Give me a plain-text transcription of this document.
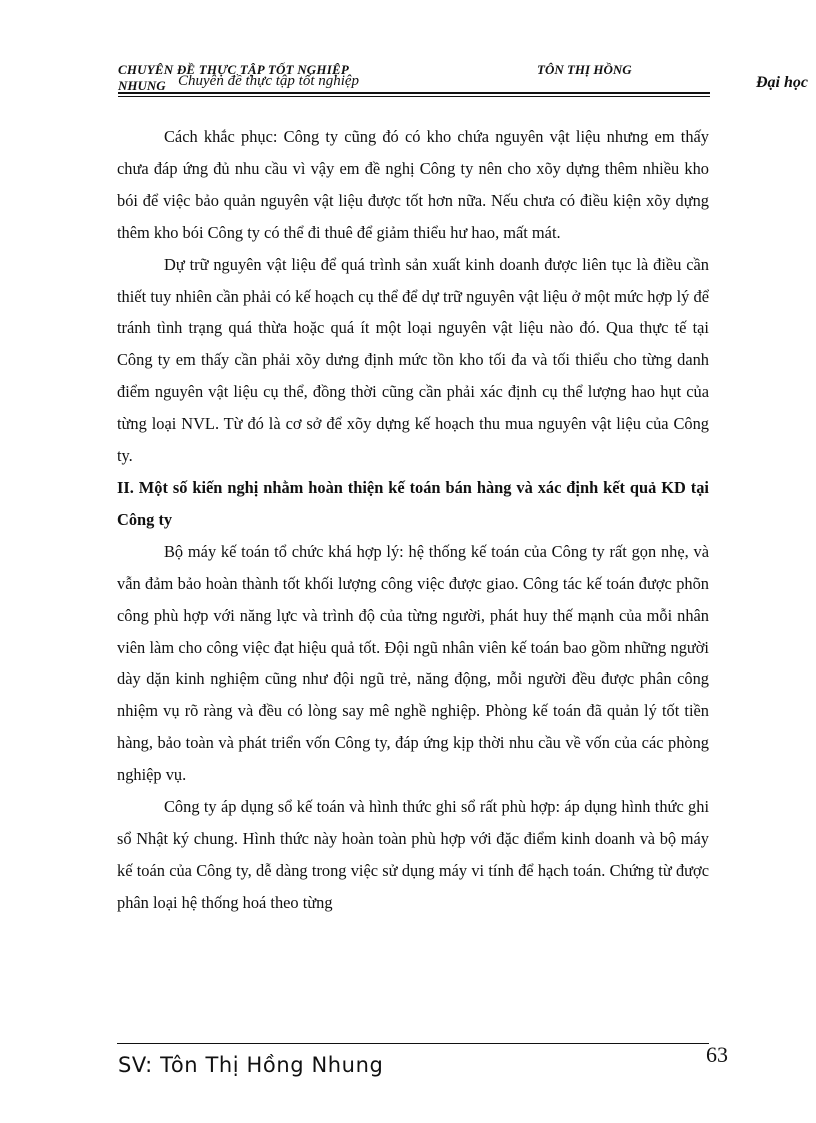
CHUYÊN ĐỀ THỰC TẬP TỐT NGHIỆP
NHUNG Chuyên đề thực tập tốt nghiệp
TÔN THỊ HỒNG
Đại học

Cách khắc phục: Công ty cũng đó có kho chứa nguyên vật liệu nhưng em thấy chưa đáp ứng đủ nhu cầu vì vậy em đề nghị Công ty nên cho xõy dựng thêm nhiều kho bói để việc bảo quản nguyên vật liệu được tốt hơn nữa. Nếu chưa có điều kiện xõy dựng thêm kho bói Công ty có thể đi thuê để giảm thiểu hư hao, mất mát.

Dự trữ nguyên vật liệu để quá trình sản xuất kinh doanh được liên tục là điều cần thiết tuy nhiên cần phải có kế hoạch cụ thể để dự trữ nguyên vật liệu ở một mức hợp lý để tránh tình trạng quá thừa hoặc quá ít một loại nguyên vật liệu nào đó. Qua thực tế tại Công ty em thấy cần phải xõy dưng định mức tồn kho tối đa và tối thiểu cho từng danh điểm nguyên vật liệu cụ thể, đồng thời cũng cần phải xác định cụ thể lượng hao hụt của từng loại NVL. Từ đó là cơ sở để xõy dựng kế hoạch thu mua nguyên vật liệu của Công ty.

II. Một số kiến nghị nhằm hoàn thiện kế toán bán hàng và xác định kết quả KD tại Công ty

Bộ máy kế toán tổ chức khá hợp lý: hệ thống kế toán của Công ty rất gọn nhẹ, và vẫn đảm bảo hoàn thành tốt khối lượng công việc được giao. Công tác kế toán được phõn công phù hợp với năng lực và trình độ của từng người, phát huy thế mạnh của mỗi nhân viên làm cho công việc đạt hiệu quả tốt. Đội ngũ nhân viên kế toán bao gồm những người dày dặn kinh nghiệm cũng như đội ngũ trẻ, năng động, mỗi người đều được phân công nhiệm vụ rõ ràng và đều có lòng say mê nghề nghiệp. Phòng kế toán đã quản lý tốt tiền hàng, bảo toàn và phát triển vốn Công ty, đáp ứng kịp thời nhu cầu về vốn của các phòng nghiệp vụ.

Công ty áp dụng sổ kế toán và hình thức ghi sổ rất phù hợp: áp dụng hình thức ghi sổ Nhật ký chung. Hình thức này hoàn toàn phù hợp với đặc điểm kinh doanh và bộ máy kế toán của Công ty, dễ dàng trong việc sử dụng máy vi tính để hạch toán. Chứng từ được phân loại hệ thống hoá theo từng

SV: Tôn Thị Hồng Nhung	63
